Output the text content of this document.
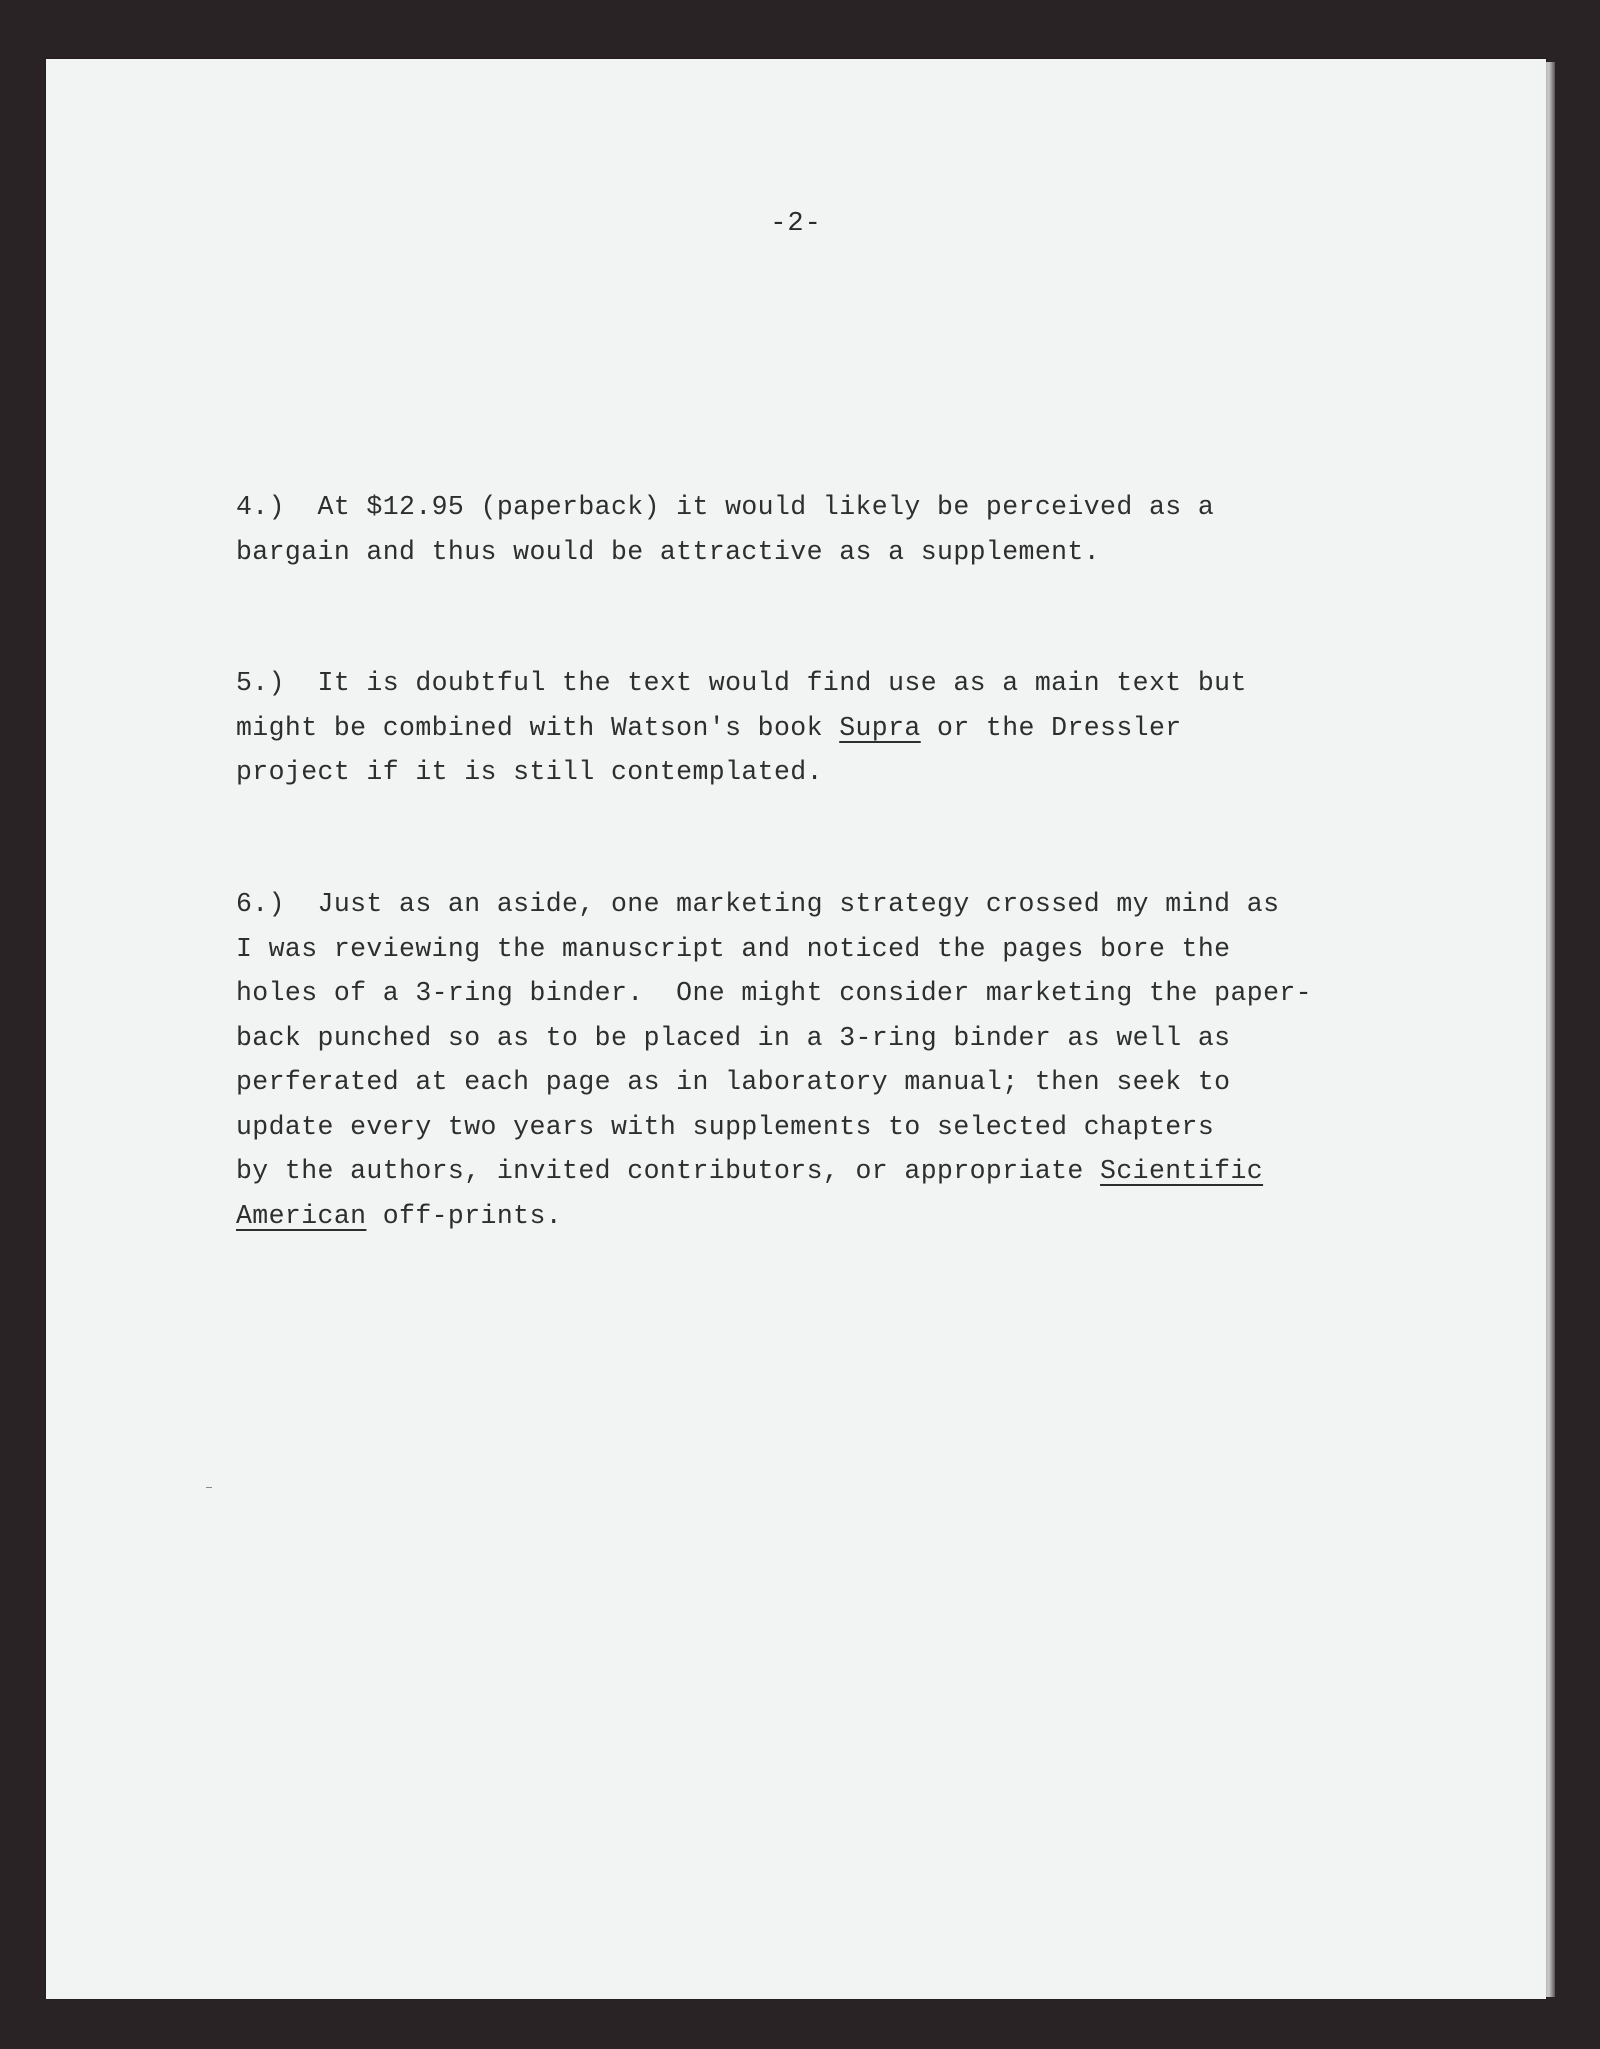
-2-

4.)  At $12.95 (paperback) it would likely be perceived as a
bargain and thus would be attractive as a supplement.

5.)  It is doubtful the text would find use as a main text but
might be combined with Watson's book Supra or the Dressler
project if it is still contemplated.

6.)  Just as an aside, one marketing strategy crossed my mind as
I was reviewing the manuscript and noticed the pages bore the
holes of a 3-ring binder.  One might consider marketing the paper-
back punched so as to be placed in a 3-ring binder as well as
perferated at each page as in laboratory manual; then seek to
update every two years with supplements to selected chapters
by the authors, invited contributors, or appropriate Scientific
American off-prints.
